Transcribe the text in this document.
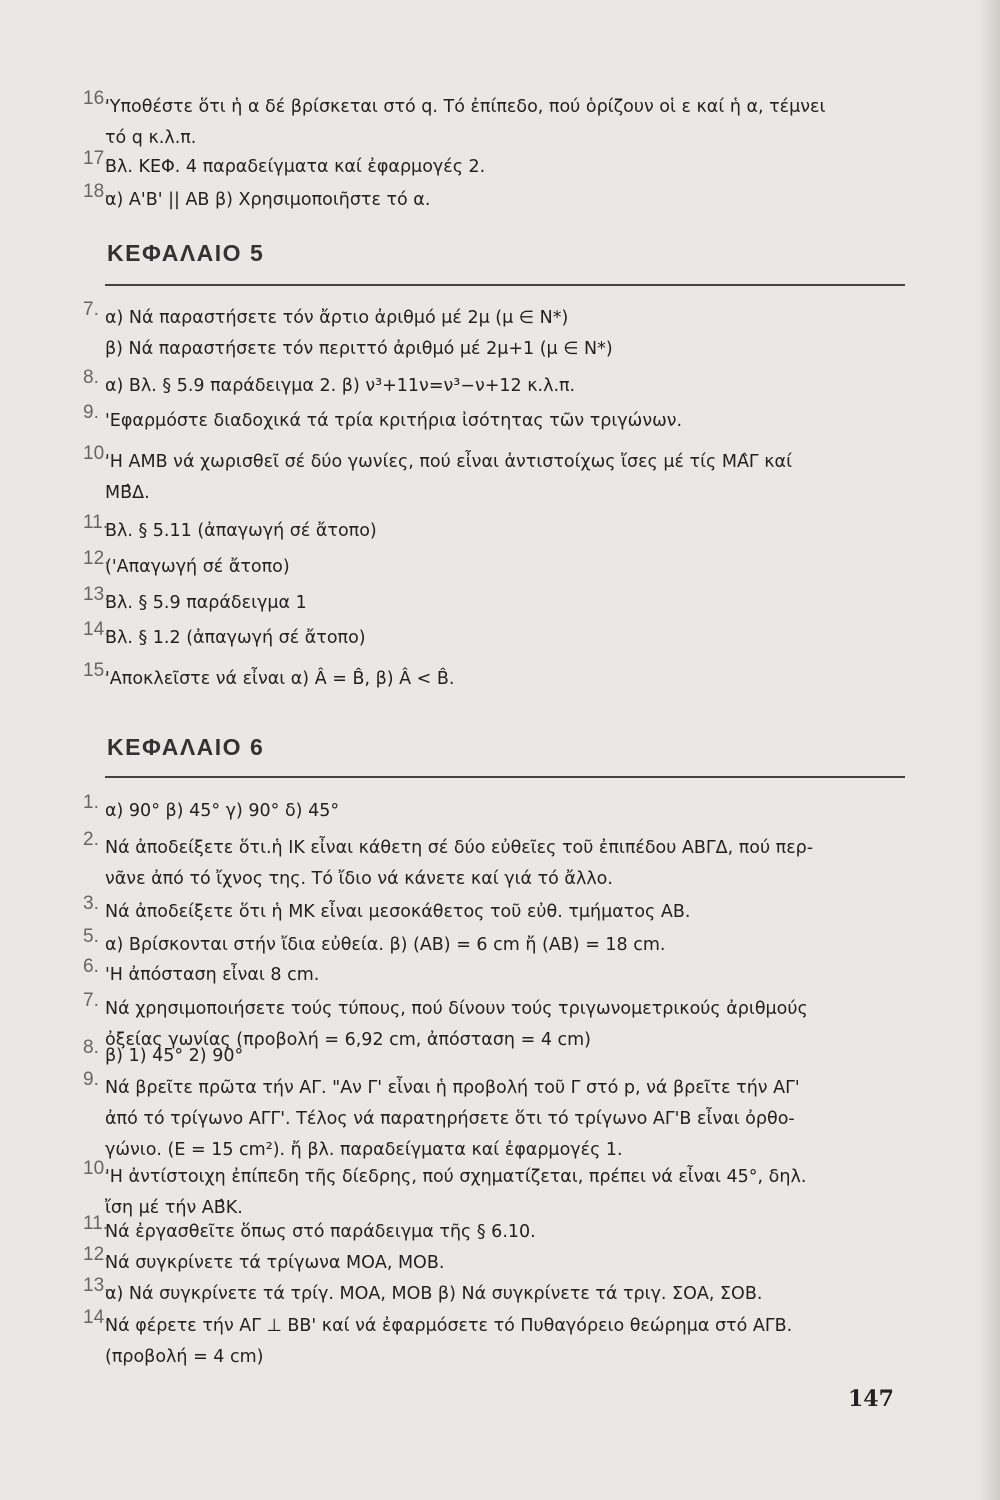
16.
'Υποθέστε ὅτι ἡ α δέ βρίσκεται στό q. Τό ἐπίπεδο, πού ὁρίζουν οἱ ε καί ἡ α, τέμνει
τό q κ.λ.π.
17.
Βλ. ΚΕΦ. 4 παραδείγματα καί ἐφαρμογές 2.
18.
α) Α'Β' || ΑΒ β) Χρησιμοποιῆστε τό α.
ΚΕΦΑΛΑΙΟ 5
7. α) Νά παραστήσετε τόν ἄρτιο ἀριθμό μέ 2μ (μ ∈ Ν*)
β) Νά παραστήσετε τόν περιττό ἀριθμό μέ 2μ+1 (μ ∈ Ν*)
8. α) Βλ. § 5.9 παράδειγμα 2. β) ν³+11ν=ν³−ν+12 κ.λ.π.
9. 'Εφαρμόστε διαδοχικά τά τρία κριτήρια ἰσότητας τῶν τριγώνων.
10.
'Η ΑΜΒ νά χωρισθεῖ σέ δύο γωνίες, πού εἶναι ἀντιστοίχως ἴσες μέ τίς ΜΑ̂Γ καί
ΜΒ̂Δ.
11.
Βλ. § 5.11 (ἀπαγωγή σέ ἄτοπο)
12.
('Απαγωγή σέ ἄτοπο)
13.
Βλ. § 5.9 παράδειγμα 1
14.
Βλ. § 1.2 (ἀπαγωγή σέ ἄτοπο)
15.
'Αποκλεῖστε νά εἶναι α) Â = B̂, β) Â < B̂.
ΚΕΦΑΛΑΙΟ 6
1. α) 90° β) 45° γ) 90° δ) 45°
2. Νά ἀποδείξετε ὅτι.ἡ ΙΚ εἶναι κάθετη σέ δύο εὐθεῖες τοῦ ἐπιπέδου ΑΒΓΔ, πού περ-
νᾶνε ἀπό τό ἴχνος της. Τό ἴδιο νά κάνετε καί γιά τό ἄλλο.
3. Νά ἀποδείξετε ὅτι ἡ ΜΚ εἶναι μεσοκάθετος τοῦ εὐθ. τμήματος ΑΒ.
5. α) Βρίσκονται στήν ἴδια εὐθεία. β) (ΑΒ) = 6 cm ἤ (ΑΒ) = 18 cm.
6. 'Η ἀπόσταση εἶναι 8 cm.
7. Νά χρησιμοποιήσετε τούς τύπους, πού δίνουν τούς τριγωνομετρικούς ἀριθμούς
ὀξείας γωνίας (προβολή = 6,92 cm, ἀπόσταση = 4 cm)
8. β) 1) 45° 2) 90°
9. Νά βρεῖτε πρῶτα τήν ΑΓ. "Αν Γ' εἶναι ἡ προβολή τοῦ Γ στό p, νά βρεῖτε τήν ΑΓ'
ἀπό τό τρίγωνο ΑΓΓ'. Τέλος νά παρατηρήσετε ὅτι τό τρίγωνο ΑΓ'Β εἶναι ὀρθο-
γώνιο. (Ε = 15 cm²). ἤ βλ. παραδείγματα καί ἐφαρμογές 1.
10.
'Η ἀντίστοιχη ἐπίπεδη τῆς δίεδρης, πού σχηματίζεται, πρέπει νά εἶναι 45°, δηλ.
ἴση μέ τήν ΑΒ̂Κ.
11.
Νά ἐργασθεῖτε ὅπως στό παράδειγμα τῆς § 6.10.
12.
Νά συγκρίνετε τά τρίγωνα ΜΟΑ, ΜΟΒ.
13.
α) Νά συγκρίνετε τά τρίγ. ΜΟΑ, ΜΟΒ β) Νά συγκρίνετε τά τριγ. ΣΟΑ, ΣΟΒ.
14.
Νά φέρετε τήν ΑΓ ⊥ ΒΒ' καί νά ἐφαρμόσετε τό Πυθαγόρειο θεώρημα στό ΑΓΒ.
(προβολή = 4 cm)
147
